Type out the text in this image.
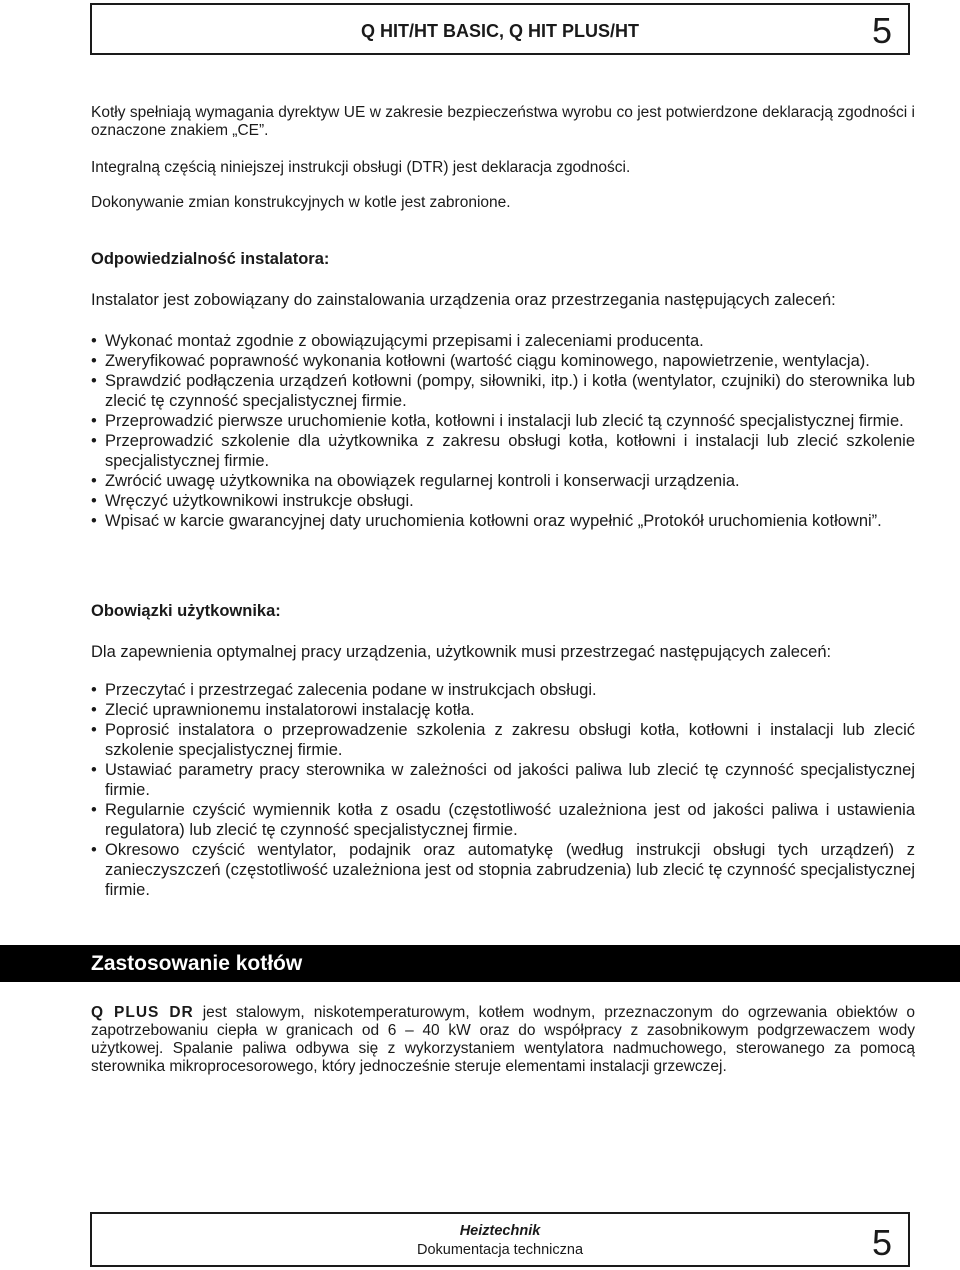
Q HIT/HT BASIC, Q HIT PLUS/HT	5

Kotły spełniają wymagania dyrektyw UE w zakresie bezpieczeństwa wyrobu co jest potwierdzone deklaracją zgodności i oznaczone znakiem „CE”.

Integralną częścią niniejszej instrukcji obsługi (DTR) jest deklaracja zgodności.

Dokonywanie zmian konstrukcyjnych w kotle jest zabronione.

Odpowiedzialność instalatora:

Instalator jest zobowiązany do zainstalowania urządzenia oraz przestrzegania następujących zaleceń:

• Wykonać montaż zgodnie z obowiązującymi przepisami i zaleceniami producenta.
• Zweryfikować poprawność wykonania kotłowni (wartość ciągu kominowego, napowietrzenie, wentylacja).
• Sprawdzić podłączenia urządzeń kotłowni (pompy, siłowniki, itp.) i kotła (wentylator, czujniki) do sterownika lub zlecić tę czynność specjalistycznej firmie.
• Przeprowadzić pierwsze uruchomienie kotła, kotłowni i instalacji lub zlecić tą czynność specjalistycznej firmie.
• Przeprowadzić szkolenie dla użytkownika z zakresu obsługi kotła, kotłowni i instalacji lub zlecić szkolenie specjalistycznej firmie.
• Zwrócić uwagę użytkownika na obowiązek regularnej kontroli i konserwacji urządzenia.
• Wręczyć użytkownikowi instrukcje obsługi.
• Wpisać w karcie gwarancyjnej daty uruchomienia kotłowni oraz wypełnić „Protokół uruchomienia kotłowni”.

Obowiązki użytkownika:

Dla zapewnienia optymalnej pracy urządzenia, użytkownik musi przestrzegać następujących zaleceń:

• Przeczytać i przestrzegać zalecenia podane w instrukcjach obsługi.
• Zlecić uprawnionemu instalatorowi instalację kotła.
• Poprosić instalatora o przeprowadzenie szkolenia z zakresu obsługi kotła, kotłowni i instalacji lub zlecić szkolenie specjalistycznej firmie.
• Ustawiać parametry pracy sterownika w zależności od jakości paliwa lub zlecić tę czynność specjalistycznej firmie.
• Regularnie czyścić wymiennik kotła z osadu (częstotliwość uzależniona jest od jakości paliwa i ustawienia regulatora) lub zlecić tę czynność specjalistycznej firmie.
• Okresowo czyścić wentylator, podajnik oraz automatykę (według instrukcji obsługi tych urządzeń) z zanieczyszczeń (częstotliwość uzależniona jest od stopnia zabrudzenia) lub zlecić tę czynność specjalistycznej firmie.
Zastosowanie kotłów

Q PLUS DR jest stalowym, niskotemperaturowym, kotłem wodnym, przeznaczonym do ogrzewania obiektów o zapotrzebowaniu ciepła w granicach od 6 – 40 kW oraz do współpracy z zasobnikowym podgrzewaczem wody użytkowej. Spalanie paliwa odbywa się z wykorzystaniem wentylatora nadmuchowego, sterowanego za pomocą sterownika mikroprocesorowego, który jednocześnie steruje elementami instalacji grzewczej.

Heiztechnik
Dokumentacja techniczna	5
